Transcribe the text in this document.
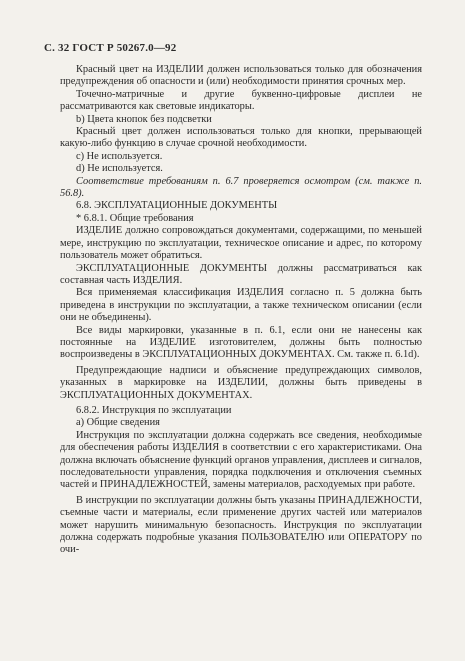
С. 32 ГОСТ Р 50267.0—92

Красный цвет на ИЗДЕЛИИ должен использоваться только для обозначения предупреждения об опасности и (или) необходимости принятия срочных мер.

Точечно-матричные и другие буквенно-цифровые дисплеи не рассматриваются как световые индикаторы.

b) Цвета кнопок без подсветки

Красный цвет должен использоваться только для кнопки, прерывающей какую-либо функцию в случае срочной необходимости.

c) Не используется.

d) Не используется.

Соответствие требованиям п. 6.7 проверяется осмотром (см. также п. 56.8).

6.8. ЭКСПЛУАТАЦИОННЫЕ ДОКУМЕНТЫ

* 6.8.1. Общие требования

ИЗДЕЛИЕ должно сопровождаться документами, содержащими, по меньшей мере, инструкцию по эксплуатации, техническое описание и адрес, по которому пользователь может обратиться.

ЭКСПЛУАТАЦИОННЫЕ ДОКУМЕНТЫ должны рассматриваться как составная часть ИЗДЕЛИЯ.

Вся применяемая классификация ИЗДЕЛИЯ согласно п. 5 должна быть приведена в инструкции по эксплуатации, а также техническом описании (если они не объединены).

Все виды маркировки, указанные в п. 6.1, если они не нанесены как постоянные на ИЗДЕЛИЕ изготовителем, должны быть полностью воспроизведены в ЭКСПЛУАТАЦИОННЫХ ДОКУМЕНТАХ. См. также п. 6.1d).

Предупреждающие надписи и объяснение предупреждающих символов, указанных в маркировке на ИЗДЕЛИИ, должны быть приведены в ЭКСПЛУАТАЦИОННЫХ ДОКУМЕНТАХ.

6.8.2. Инструкция по эксплуатации

a) Общие сведения

Инструкция по эксплуатации должна содержать все сведения, необходимые для обеспечения работы ИЗДЕЛИЯ в соответствии с его характеристиками. Она должна включать объяснение функций органов управления, дисплеев и сигналов, последовательности управления, порядка подключения и отключения съемных частей и ПРИНАДЛЕЖНОСТЕЙ, замены материалов, расходуемых при работе.

В инструкции по эксплуатации должны быть указаны ПРИНАДЛЕЖНОСТИ, съемные части и материалы, если применение других частей или материалов может нарушить минимальную безопасность. Инструкция по эксплуатации должна содержать подробные указания ПОЛЬЗОВАТЕЛЮ или ОПЕРАТОРУ по очи-
